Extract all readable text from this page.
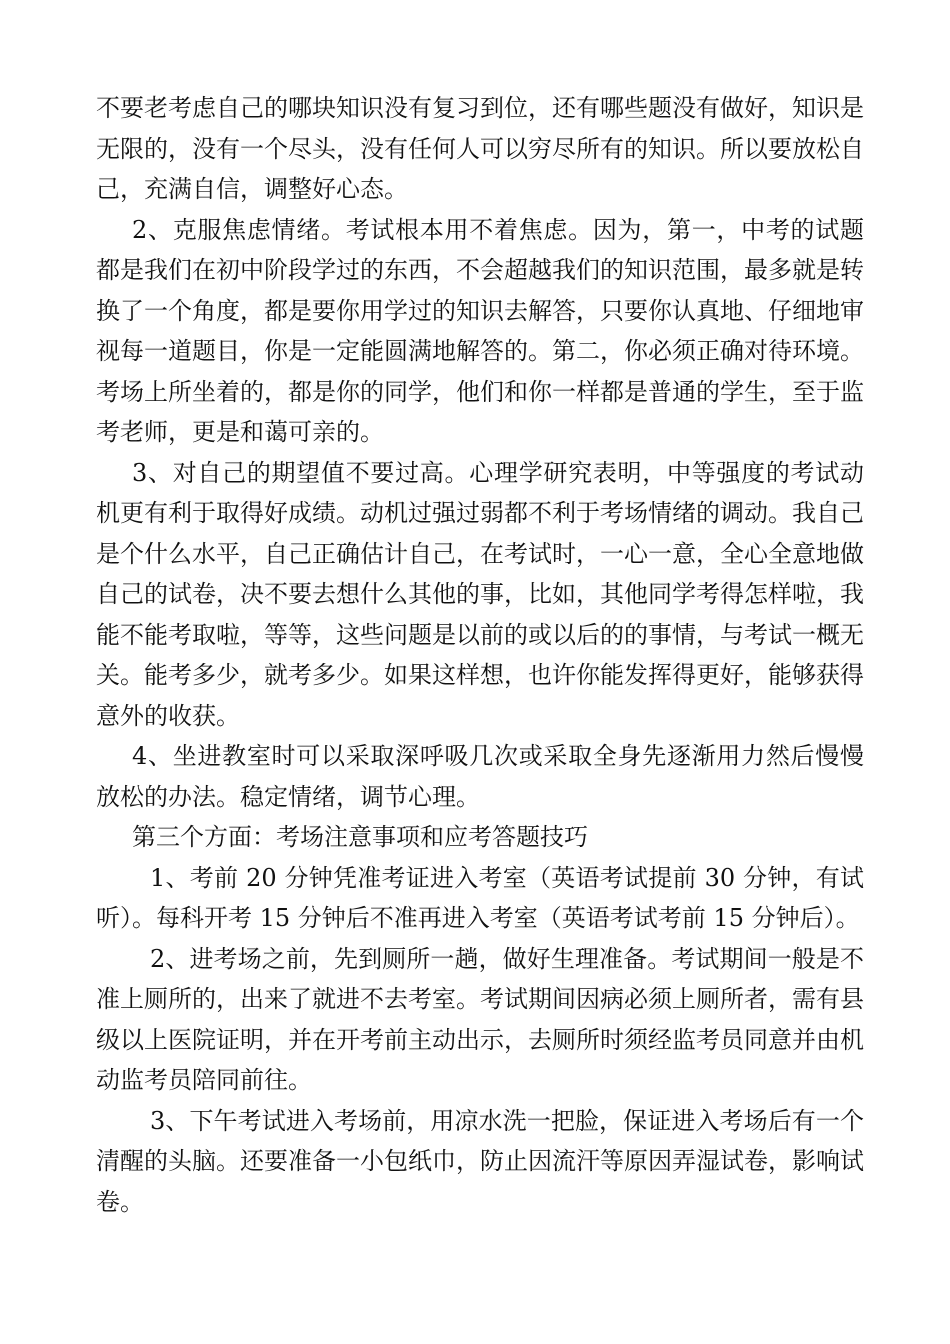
不要老考虑自己的哪块知识没有复习到位，还有哪些题没有做好，知识是无限的，没有一个尽头，没有任何人可以穷尽所有的知识。所以要放松自己，充满自信，调整好心态。

2、克服焦虑情绪。考试根本用不着焦虑。因为，第一，中考的试题都是我们在初中阶段学过的东西，不会超越我们的知识范围，最多就是转换了一个角度，都是要你用学过的知识去解答，只要你认真地、仔细地审视每一道题目，你是一定能圆满地解答的。第二，你必须正确对待环境。考场上所坐着的，都是你的同学，他们和你一样都是普通的学生，至于监考老师，更是和蔼可亲的。

3、对自己的期望值不要过高。心理学研究表明，中等强度的考试动机更有利于取得好成绩。动机过强过弱都不利于考场情绪的调动。我自己是个什么水平，自己正确估计自己，在考试时，一心一意，全心全意地做自己的试卷，决不要去想什么其他的事，比如，其他同学考得怎样啦，我能不能考取啦，等等，这些问题是以前的或以后的的事情，与考试一概无关。能考多少，就考多少。如果这样想，也许你能发挥得更好，能够获得意外的收获。

4、坐进教室时可以采取深呼吸几次或采取全身先逐渐用力然后慢慢放松的办法。稳定情绪，调节心理。

第三个方面：考场注意事项和应考答题技巧

1、考前 20 分钟凭准考证进入考室（英语考试提前 30 分钟，有试听）。每科开考 15 分钟后不准再进入考室（英语考试考前 15 分钟后）。

2、进考场之前，先到厕所一趟，做好生理准备。考试期间一般是不准上厕所的，出来了就进不去考室。考试期间因病必须上厕所者，需有县级以上医院证明，并在开考前主动出示，去厕所时须经监考员同意并由机动监考员陪同前往。

3、下午考试进入考场前，用凉水洗一把脸，保证进入考场后有一个清醒的头脑。还要准备一小包纸巾，防止因流汗等原因弄湿试卷，影响试卷。
